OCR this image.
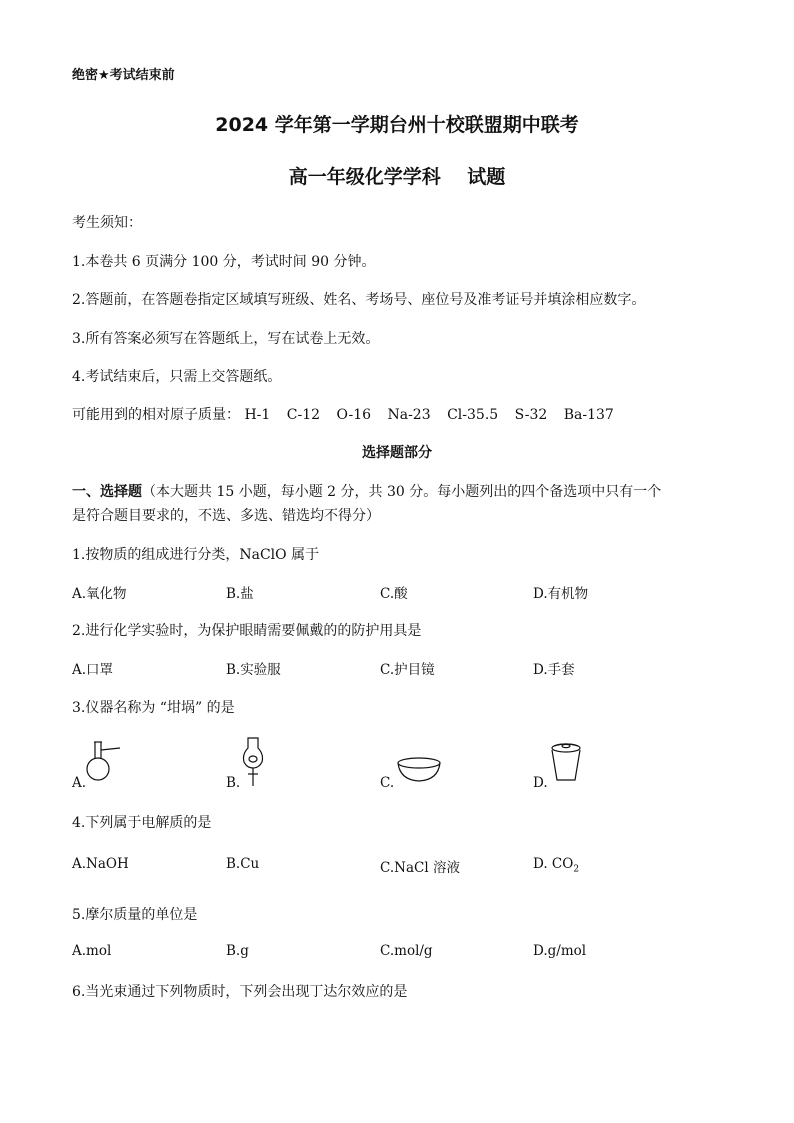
绝密★考试结束前
2024 学年第一学期台州十校联盟期中联考
高一年级化学学科    试题
考生须知：
1.本卷共 6 页满分 100 分，考试时间 90 分钟。
2.答题前，在答题卷指定区域填写班级、姓名、考场号、座位号及准考证号并填涂相应数字。
3.所有答案必须写在答题纸上，写在试卷上无效。
4.考试结束后，只需上交答题纸。
可能用到的相对原子质量： H-1 C-12 O-16 Na-23 Cl-35.5 S-32 Ba-137
选择题部分
一、选择题（本大题共 15 小题，每小题 2 分，共 30 分。每小题列出的四个备选项中只有一个
是符合题目要求的，不选、多选、错选均不得分）
1.按物质的组成进行分类，NaClO 属于
A.氧化物	B.盐	C.酸	D.有机物
2.进行化学实验时，为保护眼睛需要佩戴的的防护用具是
A.口罩	B.实验服	C.护目镜	D.手套
3.仪器名称为 “坩埚” 的是
A.	B.	C.	D.
4.下列属于电解质的是
A.NaOH	B.Cu	C.NaCl 溶液	D. $CO_2$
5.摩尔质量的单位是
A.mol	B.g	C.mol/g	D.g/mol
6.当光束通过下列物质时，下列会出现丁达尔效应的是
